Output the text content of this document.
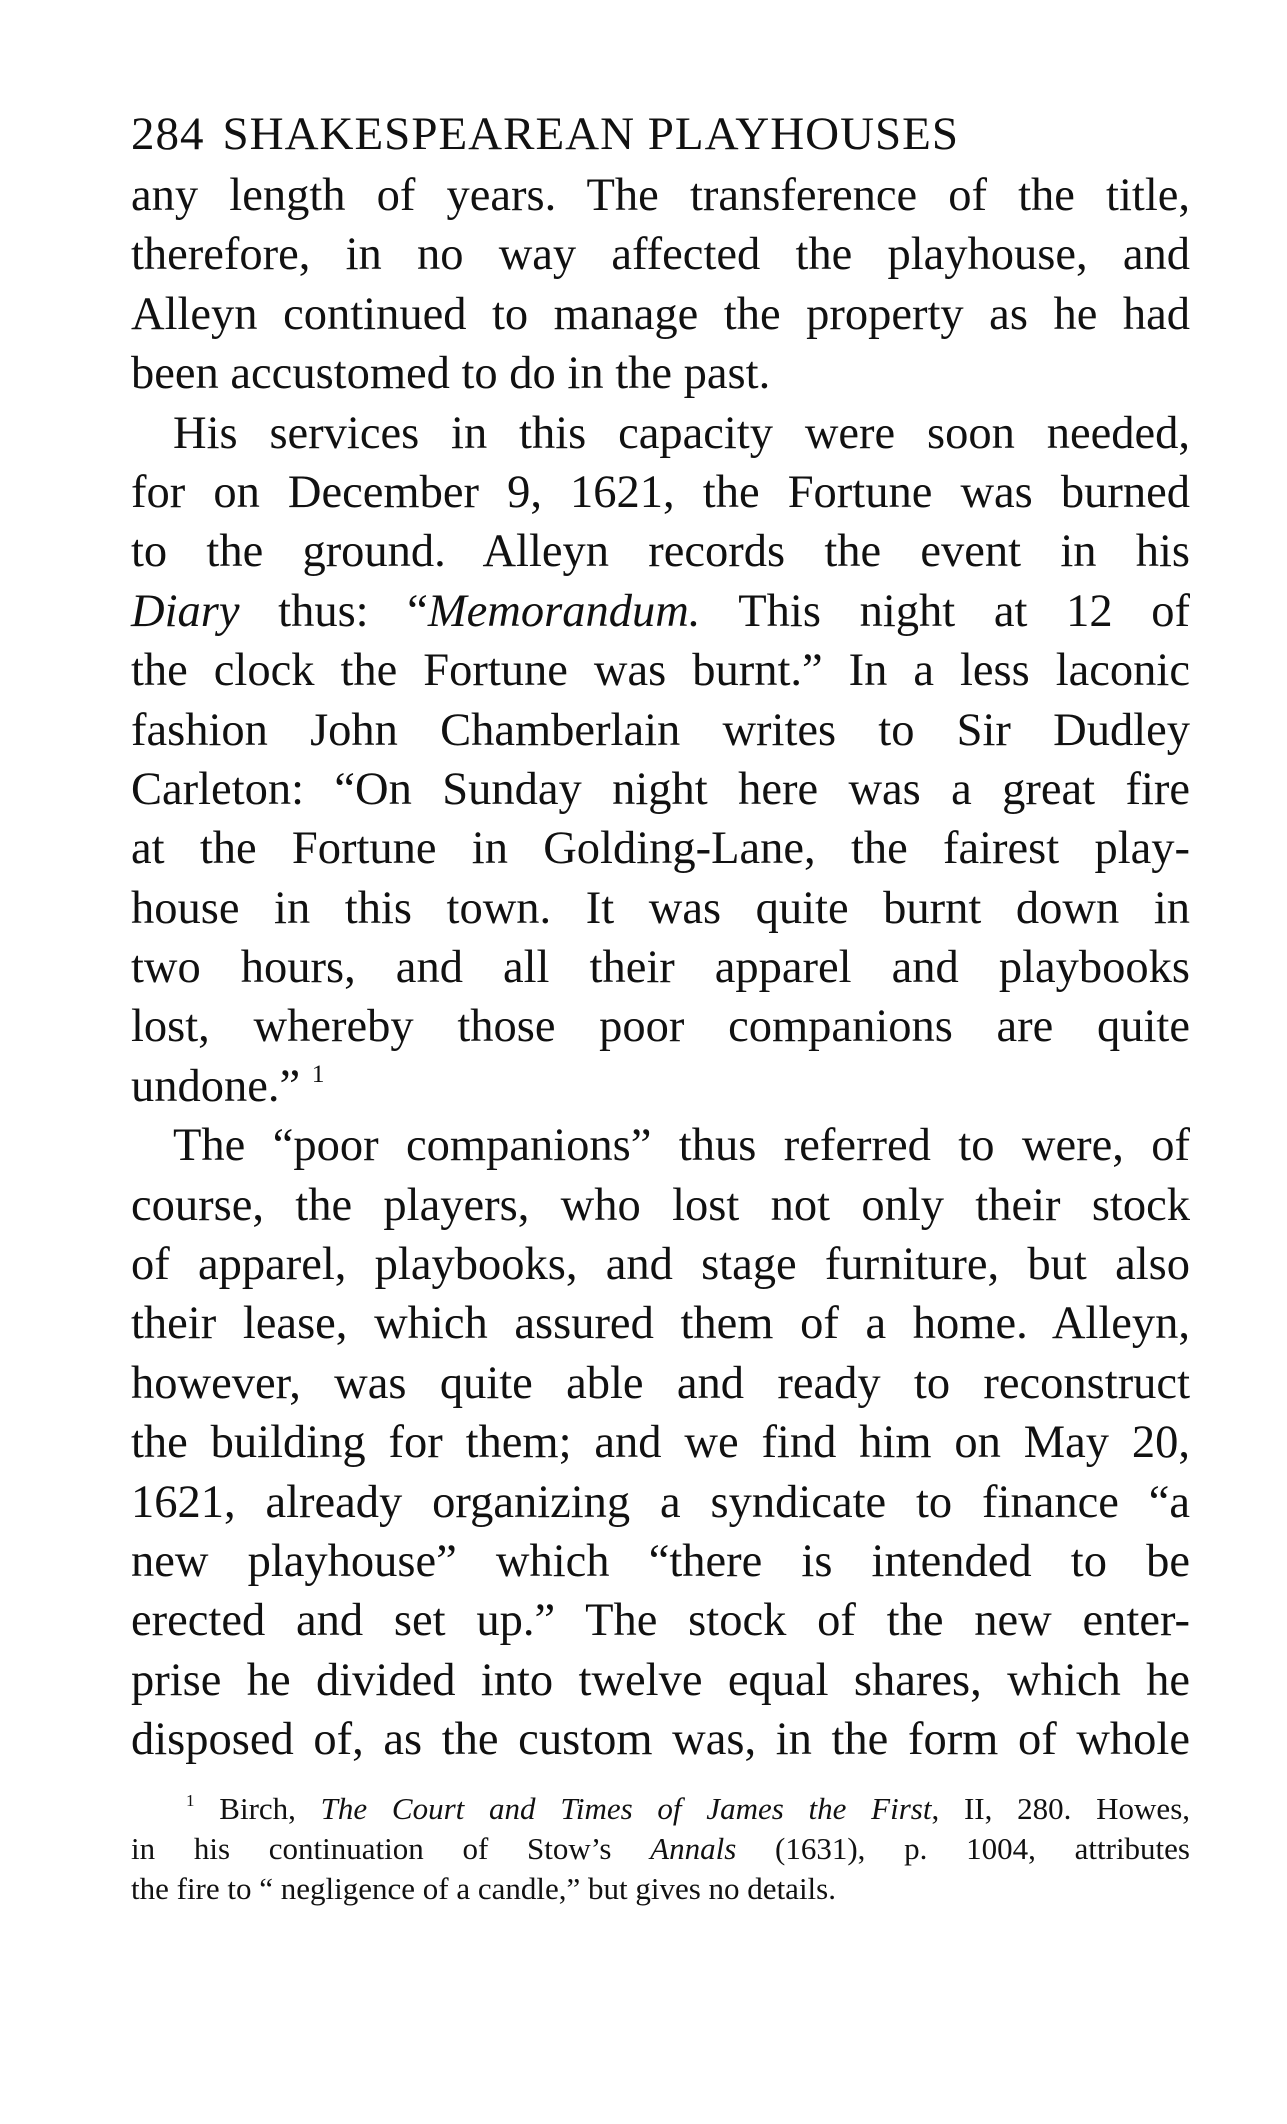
284 SHAKESPEAREAN PLAYHOUSES
any length of years. The transference of the title,
therefore, in no way affected the playhouse, and
Alleyn continued to manage the property as he had
been accustomed to do in the past.
His services in this capacity were soon needed,
for on December 9, 1621, the Fortune was burned
to the ground. Alleyn records the event in his
Diary thus: “Memorandum. This night at 12 of
the clock the Fortune was burnt.” In a less laconic
fashion John Chamberlain writes to Sir Dudley
Carleton: “On Sunday night here was a great fire
at the Fortune in Golding-Lane, the fairest play-
house in this town. It was quite burnt down in
two hours, and all their apparel and playbooks
lost, whereby those poor companions are quite
undone.” $^1$
The “poor companions” thus referred to were, of
course, the players, who lost not only their stock
of apparel, playbooks, and stage furniture, but also
their lease, which assured them of a home. Alleyn,
however, was quite able and ready to reconstruct
the building for them; and we find him on May 20,
1621, already organizing a syndicate to finance “a
new playhouse” which “there is intended to be
erected and set up.” The stock of the new enter-
prise he divided into twelve equal shares, which he
disposed of, as the custom was, in the form of whole
$^1$ Birch, The Court and Times of James the First, II, 280. Howes,
in his continuation of Stow’s Annals (1631), p. 1004, attributes
the fire to “ negligence of a candle,” but gives no details.
